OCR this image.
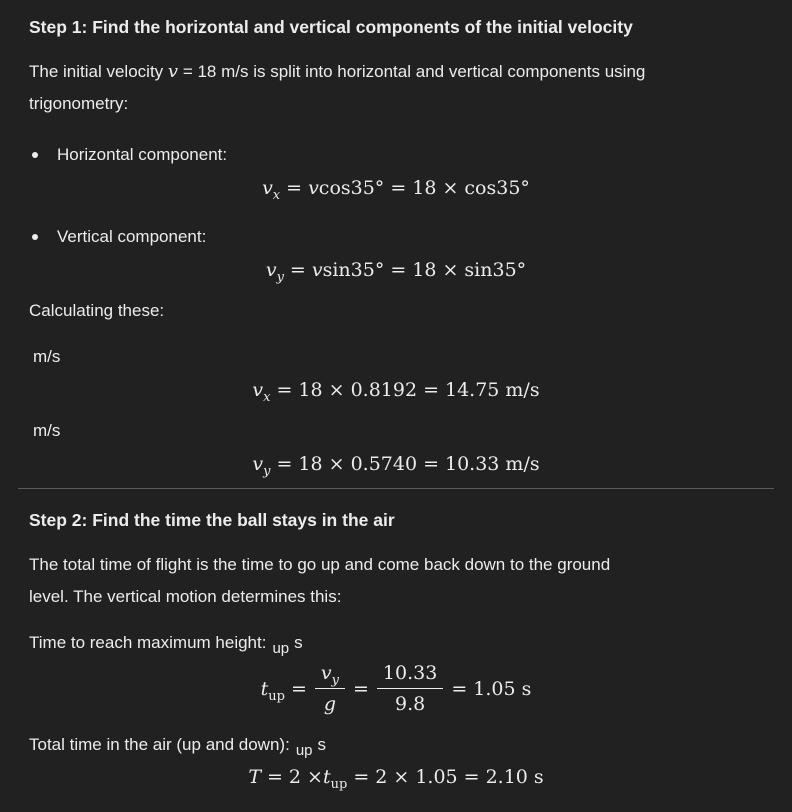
Step 1: Find the horizontal and vertical components of the initial velocity

The initial velocity v = 18 m/s is split into horizontal and vertical components using
trigonometry:

Horizontal component:
$v_x = vcos35^\circ = 18 \times \cos 35^\circ$
Vertical component:
$v_y = vsin35^\circ = 18 \times \sin 35^\circ$

Calculating these:

m/s

$v_x = 18 \times 0.8192 = 14.75$ m/s

m/s

$v_y = 18 \times 0.5740 = 10.33$ m/s
Step 2: Find the time the ball stays in the air

The total time of flight is the time to go up and come back down to the ground
level. The vertical motion determines this:

Time to reach maximum height: up s

$t_{up} = \frac{v_y}{g} = \frac{10.33}{9.8} = 1.05$ s

Total time in the air (up and down): up s

$T = 2 \times t_{up} = 2 \times 1.05 = 2.10$ s
